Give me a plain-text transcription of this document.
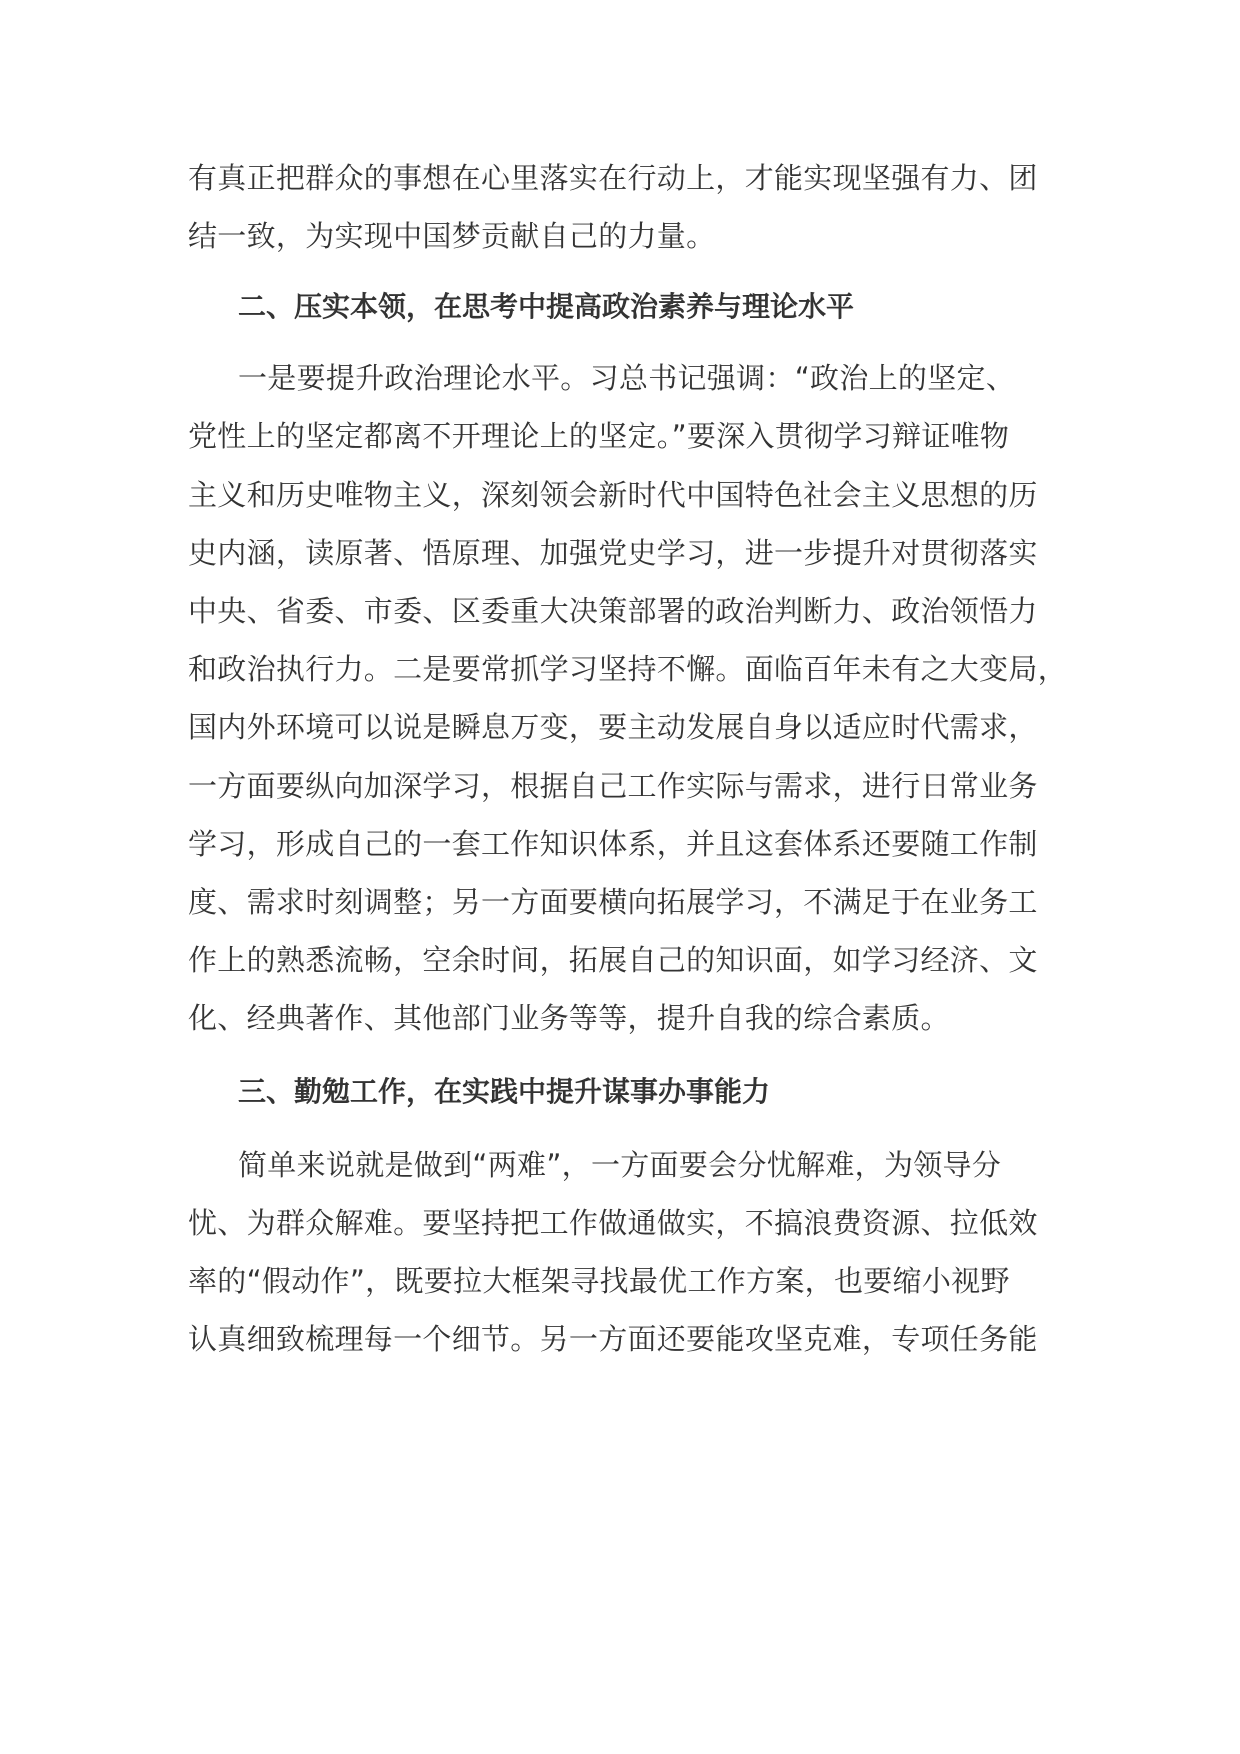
有真正把群众的事想在心里落实在行动上，才能实现坚强有力、团
结一致，为实现中国梦贡献自己的力量。
二、压实本领，在思考中提高政治素养与理论水平
一是要提升政治理论水平。习总书记强调：“政治上的坚定、
党性上的坚定都离不开理论上的坚定。”要深入贯彻学习辩证唯物
主义和历史唯物主义，深刻领会新时代中国特色社会主义思想的历
史内涵，读原著、悟原理、加强党史学习，进一步提升对贯彻落实
中央、省委、市委、区委重大决策部署的政治判断力、政治领悟力
和政治执行力。二是要常抓学习坚持不懈。面临百年未有之大变局，
国内外环境可以说是瞬息万变，要主动发展自身以适应时代需求，
一方面要纵向加深学习，根据自己工作实际与需求，进行日常业务
学习，形成自己的一套工作知识体系，并且这套体系还要随工作制
度、需求时刻调整；另一方面要横向拓展学习，不满足于在业务工
作上的熟悉流畅，空余时间，拓展自己的知识面，如学习经济、文
化、经典著作、其他部门业务等等，提升自我的综合素质。
三、勤勉工作，在实践中提升谋事办事能力
简单来说就是做到“两难”，一方面要会分忧解难，为领导分
忧、为群众解难。要坚持把工作做通做实，不搞浪费资源、拉低效
率的“假动作”，既要拉大框架寻找最优工作方案，也要缩小视野
认真细致梳理每一个细节。另一方面还要能攻坚克难，专项任务能
